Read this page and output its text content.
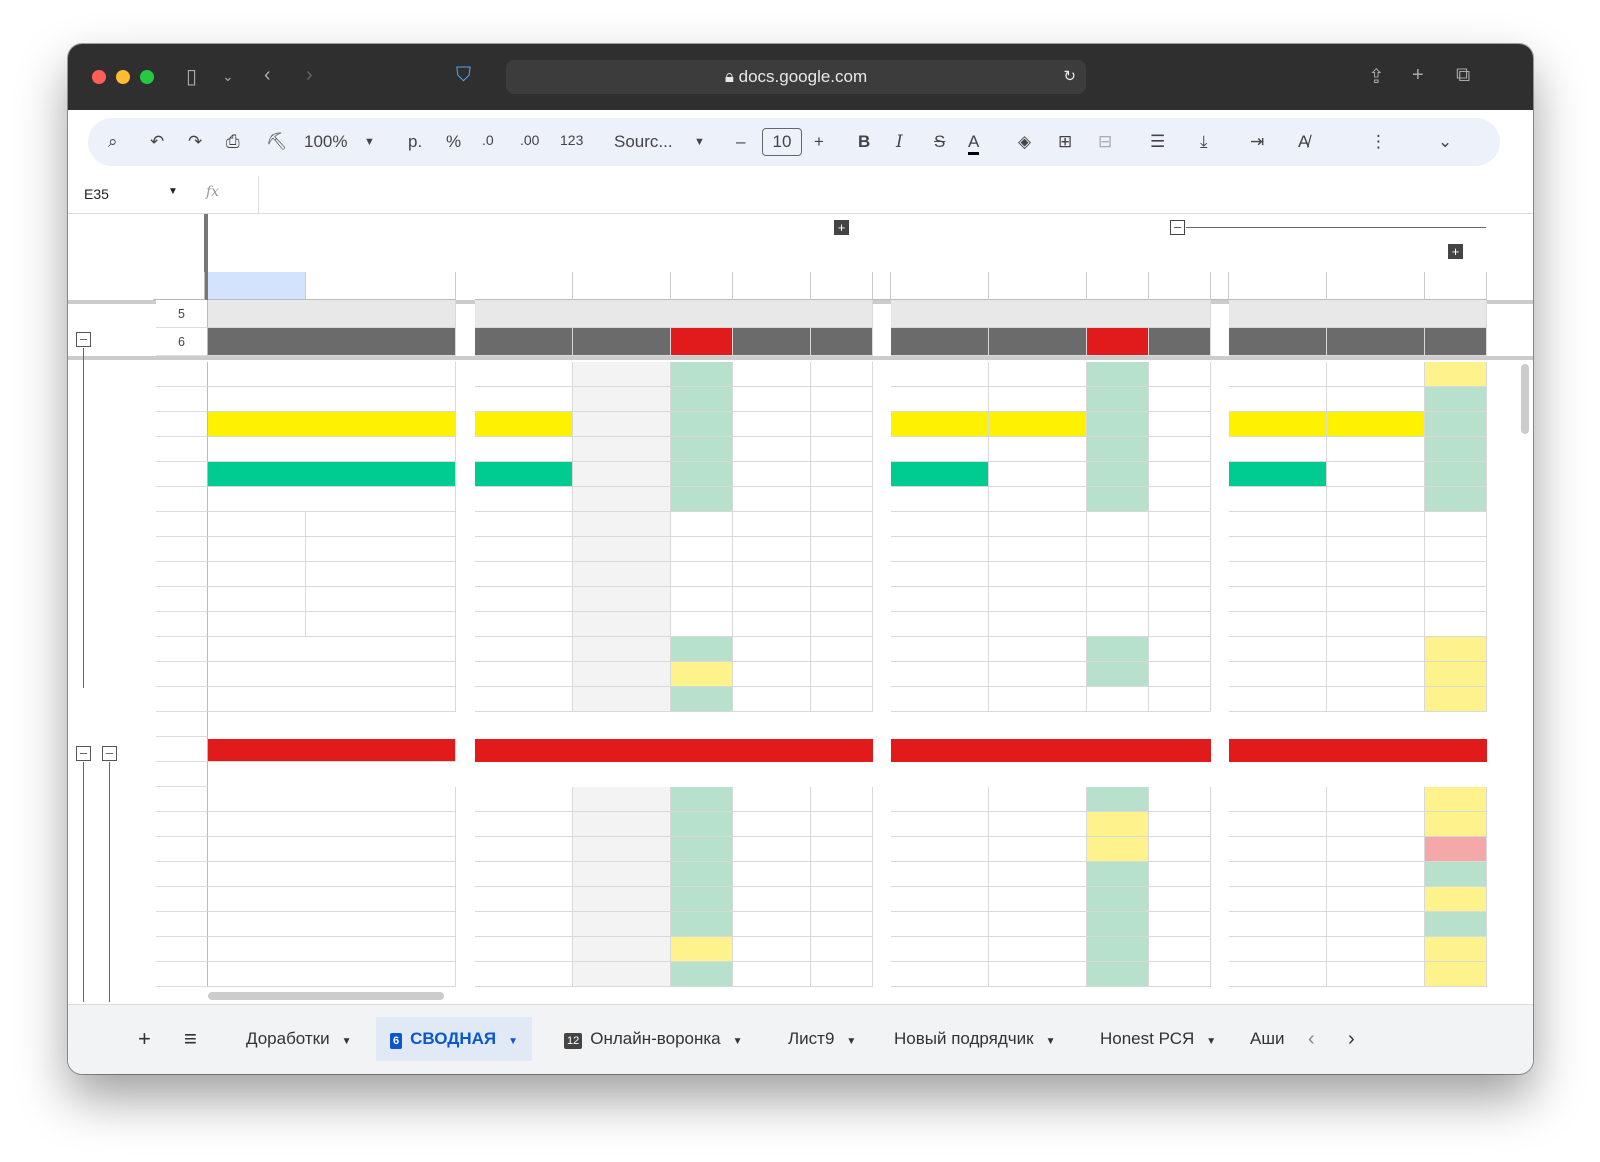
▯ ⌄ ‹ ›	⛉	🔒︎ docs.google.com	↻	⇪ + ⧉
⌕ ↶ ↷ ⎙ ⛏ 100% ▼ р. % .0 .00 123 Sourc... ▼ –	10	+ B I S A ◈ ⊞ ⊟ ☰ ⤓ ⇥ A̸	⋮	⌄
E35	▼ fx
+	–
+
5
6
–
– –
+	≡	Доработки ▼	6 СВОДНАЯ ▼	12 Онлайн-воронка ▼	Лист9 ▼	Новый подрядчик ▼	Honest РСЯ ▼	Аши	‹ ›
